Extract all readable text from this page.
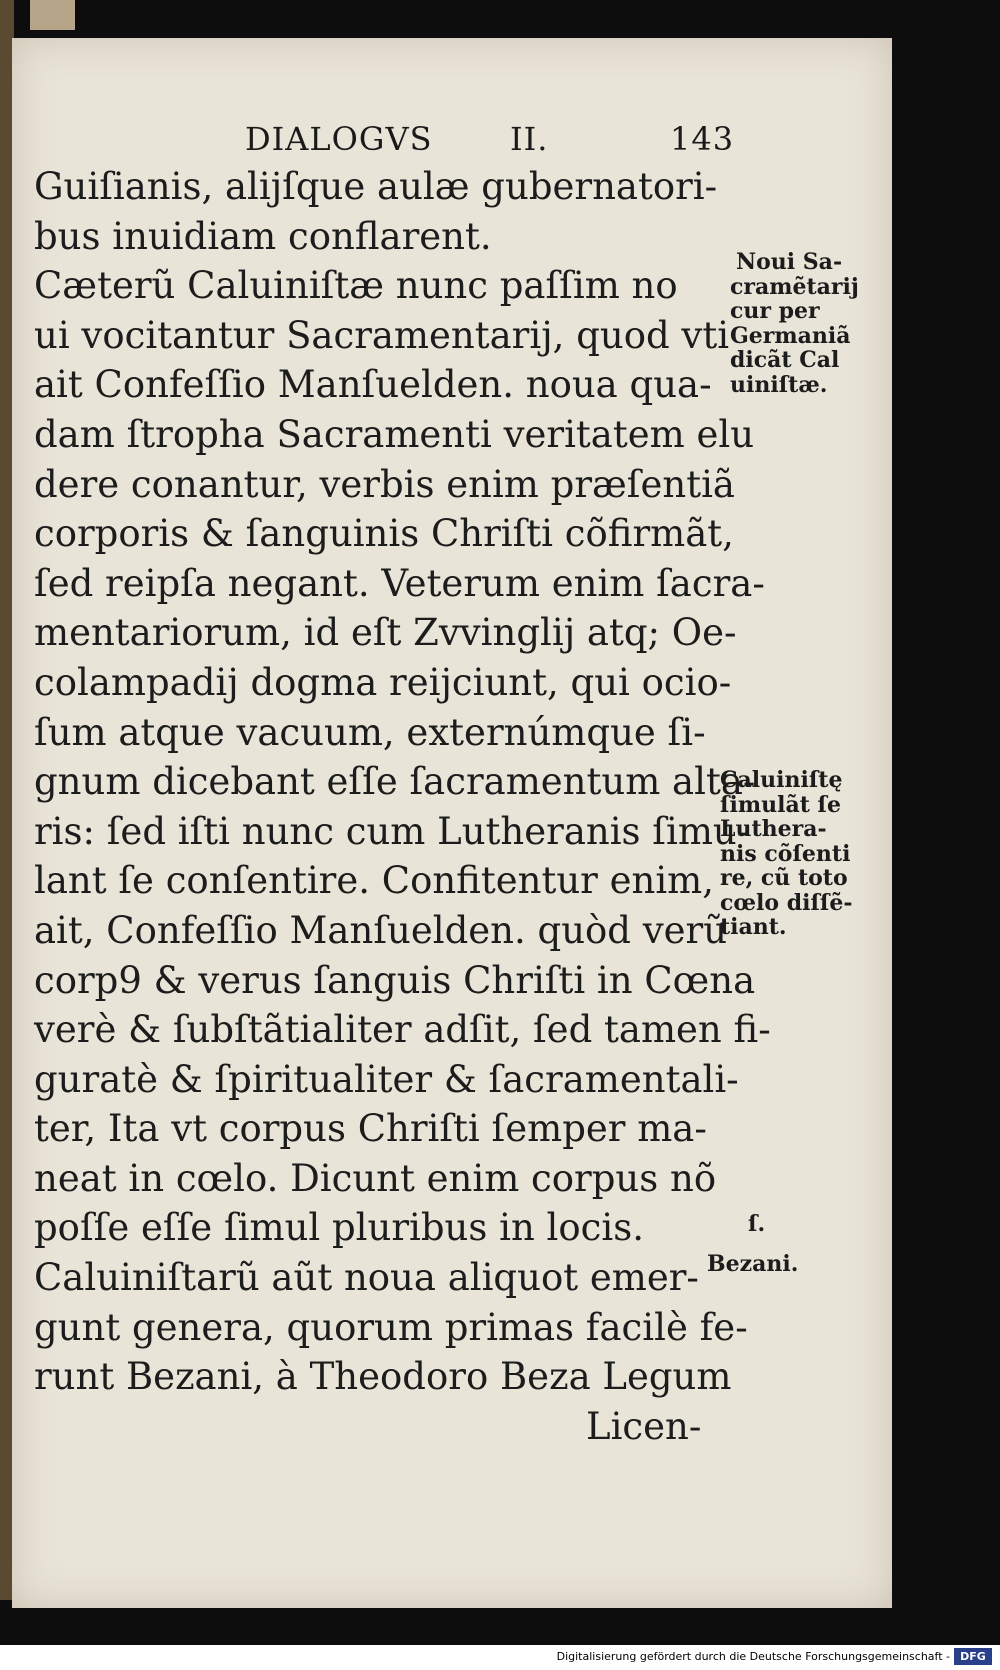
DIALOGVS II.	143
Guiſianis, alijſque aulæ gubernatori-
bus inuidiam conflarent.
Cæterũ Caluiniſtæ nunc paſſim no
ui vocitantur Sacramentarij, quod vti
ait Confeſſio Manſuelden. noua qua-
dam ſtropha Sacramenti veritatem elu
dere conantur, verbis enim præſentiã
corporis & ſanguinis Chriſti cõfirmãt,
ſed reipſa negant. Veterum enim ſacra-
mentariorum, id eſt Zvvinglij atq; Oe-
colampadij dogma reijciunt, qui ocio-
ſum atque vacuum, externúmque ſi-
gnum dicebant eſſe ſacramentum alta-
ris: ſed iſti nunc cum Lutheranis ſimu-
lant ſe conſentire. Confitentur enim,
ait, Confeſſio Manſuelden. quòd verũ
corp9 & verus ſanguis Chriſti in Cœna
verè & ſubſtãtialiter adſit, ſed tamen fi-
guratè & ſpiritualiter & ſacramentali-
ter, Ita vt corpus Chriſti ſemper ma-
neat in cœlo. Dicunt enim corpus nõ
poſſe eſſe ſimul pluribus in locis.
Caluiniſtarũ aũt noua aliquot emer-
gunt genera, quorum primas facilè fe-
runt Bezani, à Theodoro Beza Legum
Licen-
Noui Sa-
cramẽtarij
cur per
Germaniã
dicãt Cal
uiniſtæ.
Caluiniſtę
ſimulãt ſe
Luthera-
nis cõſenti
re, cũ toto
cœlo diſſẽ-
tiant.
ſ.
Bezani.
Digitalisierung gefördert durch die Deutsche Forschungsgemeinschaft - DFG
